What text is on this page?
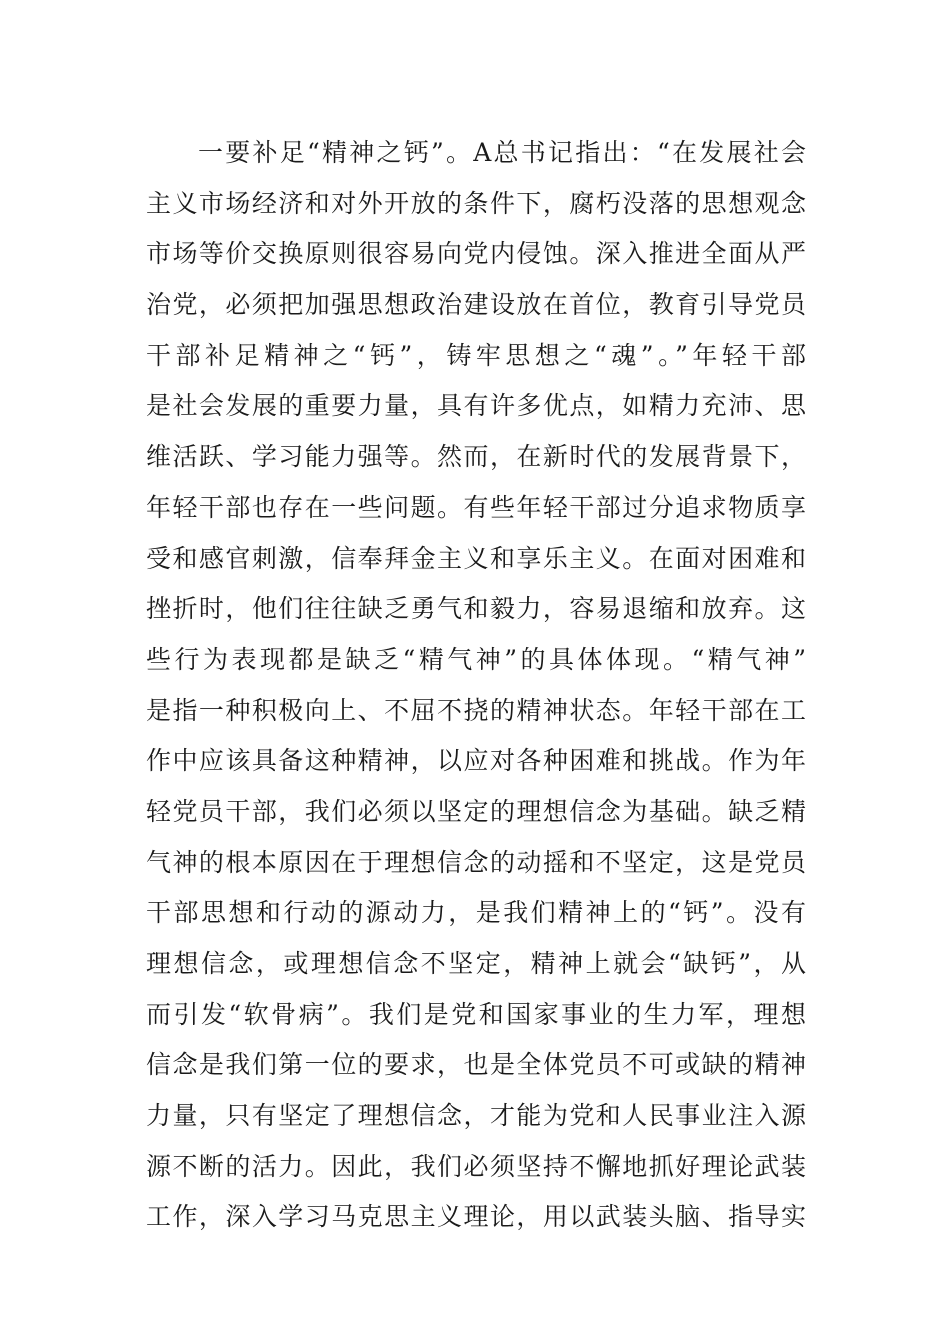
一要补足“精神之钙”。A总书记指出：“在发展社会
主义市场经济和对外开放的条件下，腐朽没落的思想观念
市场等价交换原则很容易向党内侵蚀。深入推进全面从严
治党，必须把加强思想政治建设放在首位，教育引导党员
干部补足精神之“钙”，铸牢思想之“魂”。”年轻干部
是社会发展的重要力量，具有许多优点，如精力充沛、思
维活跃、学习能力强等。然而，在新时代的发展背景下，
年轻干部也存在一些问题。有些年轻干部过分追求物质享
受和感官刺激，信奉拜金主义和享乐主义。在面对困难和
挫折时，他们往往缺乏勇气和毅力，容易退缩和放弃。这
些行为表现都是缺乏“精气神”的具体体现。“精气神”
是指一种积极向上、不屈不挠的精神状态。年轻干部在工
作中应该具备这种精神，以应对各种困难和挑战。作为年
轻党员干部，我们必须以坚定的理想信念为基础。缺乏精
气神的根本原因在于理想信念的动摇和不坚定，这是党员
干部思想和行动的源动力，是我们精神上的“钙”。没有
理想信念，或理想信念不坚定，精神上就会“缺钙”，从
而引发“软骨病”。我们是党和国家事业的生力军，理想
信念是我们第一位的要求，也是全体党员不可或缺的精神
力量，只有坚定了理想信念，才能为党和人民事业注入源
源不断的活力。因此，我们必须坚持不懈地抓好理论武装
工作，深入学习马克思主义理论，用以武装头脑、指导实
